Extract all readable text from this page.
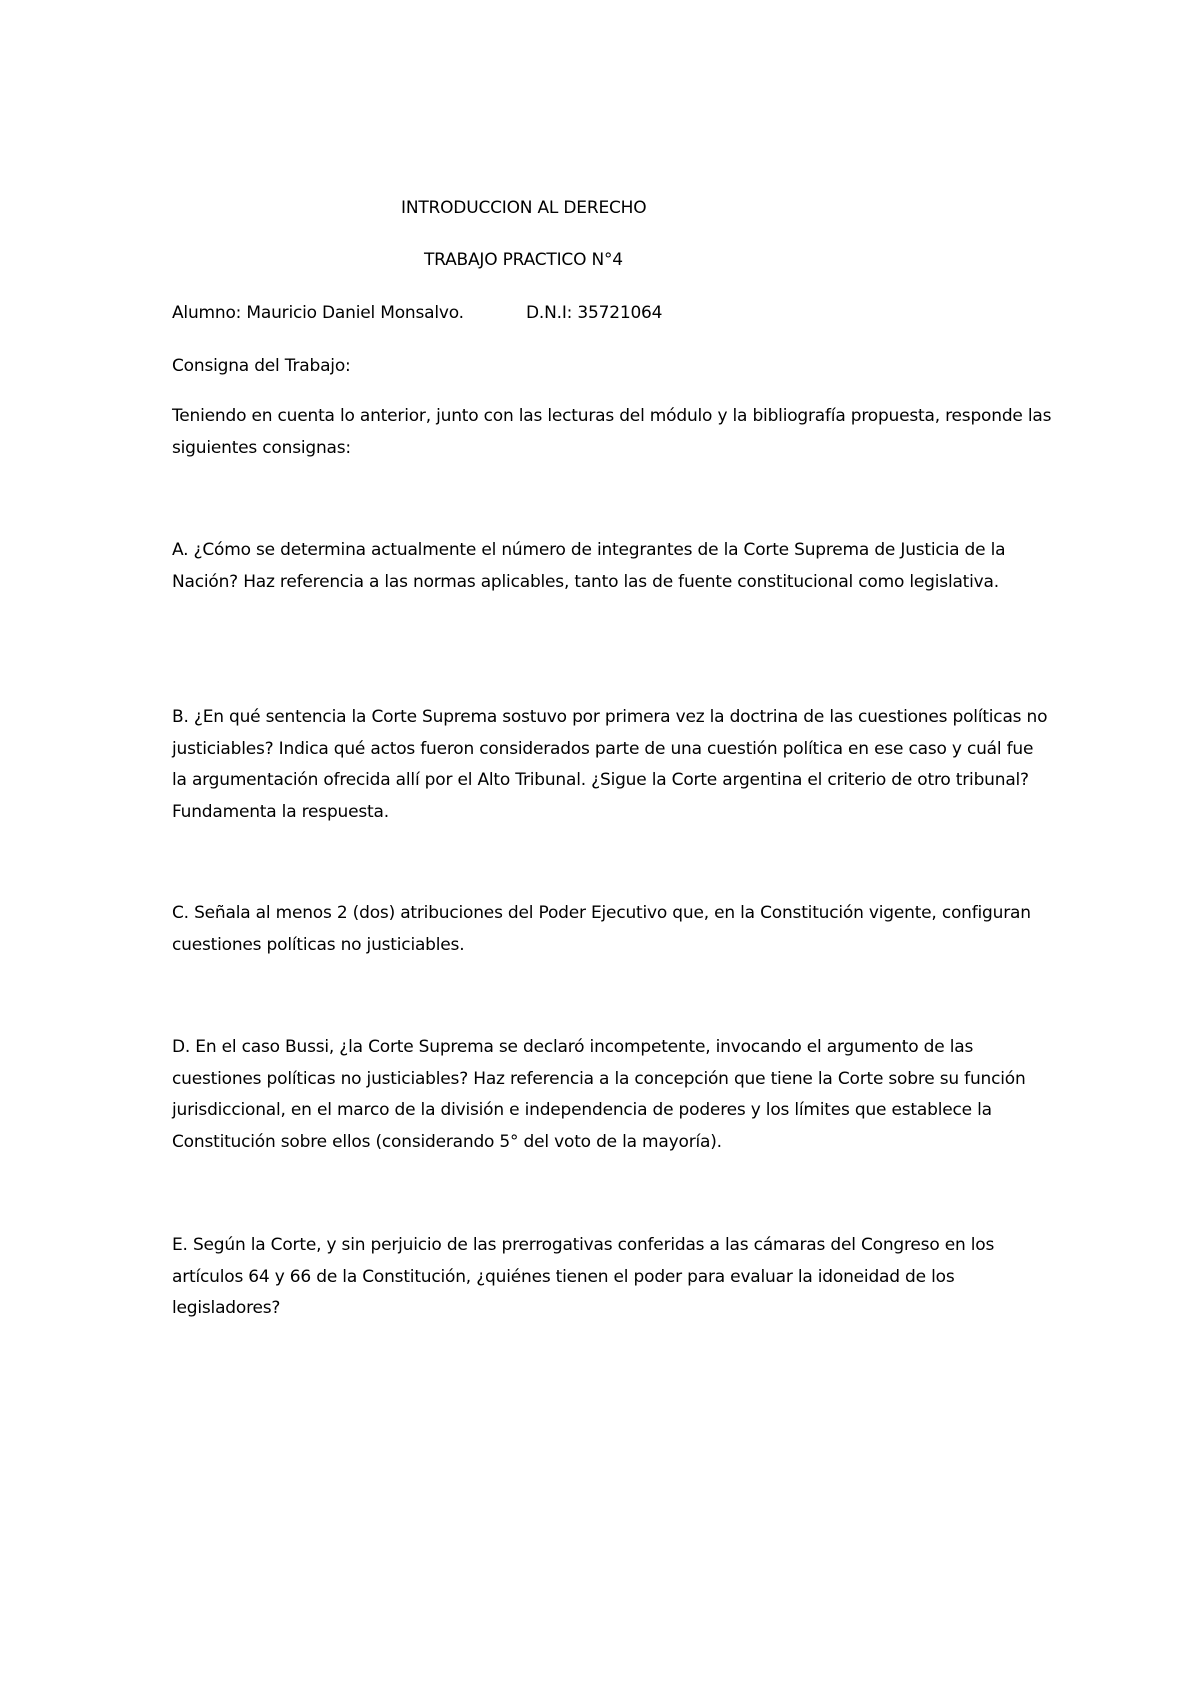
INTRODUCCION AL DERECHO
TRABAJO PRACTICO N°4
Alumno: Mauricio Daniel Monsalvo.	D.N.I: 35721064
Consigna del Trabajo:
Teniendo en cuenta lo anterior, junto con las lecturas del módulo y la bibliografía propuesta, responde las siguientes consignas:
A. ¿Cómo se determina actualmente el número de integrantes de la Corte Suprema de Justicia de la Nación? Haz referencia a las normas aplicables, tanto las de fuente constitucional como legislativa.
B. ¿En qué sentencia la Corte Suprema sostuvo por primera vez la doctrina de las cuestiones políticas no justiciables? Indica qué actos fueron considerados parte de una cuestión política en ese caso y cuál fue la argumentación ofrecida allí por el Alto Tribunal. ¿Sigue la Corte argentina el criterio de otro tribunal? Fundamenta la respuesta.
C. Señala al menos 2 (dos) atribuciones del Poder Ejecutivo que, en la Constitución vigente, configuran cuestiones políticas no justiciables.
D. En el caso Bussi, ¿la Corte Suprema se declaró incompetente, invocando el argumento de las cuestiones políticas no justiciables? Haz referencia a la concepción que tiene la Corte sobre su función jurisdiccional, en el marco de la división e independencia de poderes y los límites que establece la Constitución sobre ellos (considerando 5° del voto de la mayoría).
E. Según la Corte, y sin perjuicio de las prerrogativas conferidas a las cámaras del Congreso en los artículos 64 y 66 de la Constitución, ¿quiénes tienen el poder para evaluar la idoneidad de los legisladores?
